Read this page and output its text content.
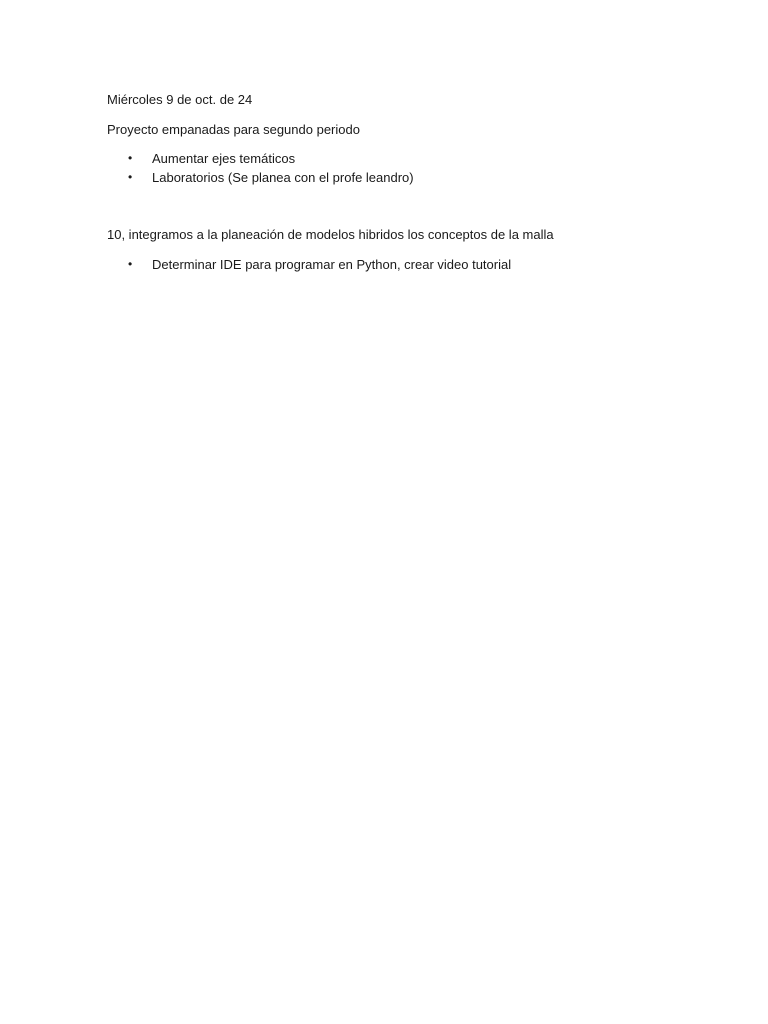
Miércoles 9 de oct. de 24

Proyecto empanadas para segundo periodo

• Aumentar ejes temáticos
• Laboratorios (Se planea con el profe leandro)

10, integramos a la planeación de modelos hibridos los conceptos de la malla

• Determinar IDE para programar en Python, crear video tutorial
